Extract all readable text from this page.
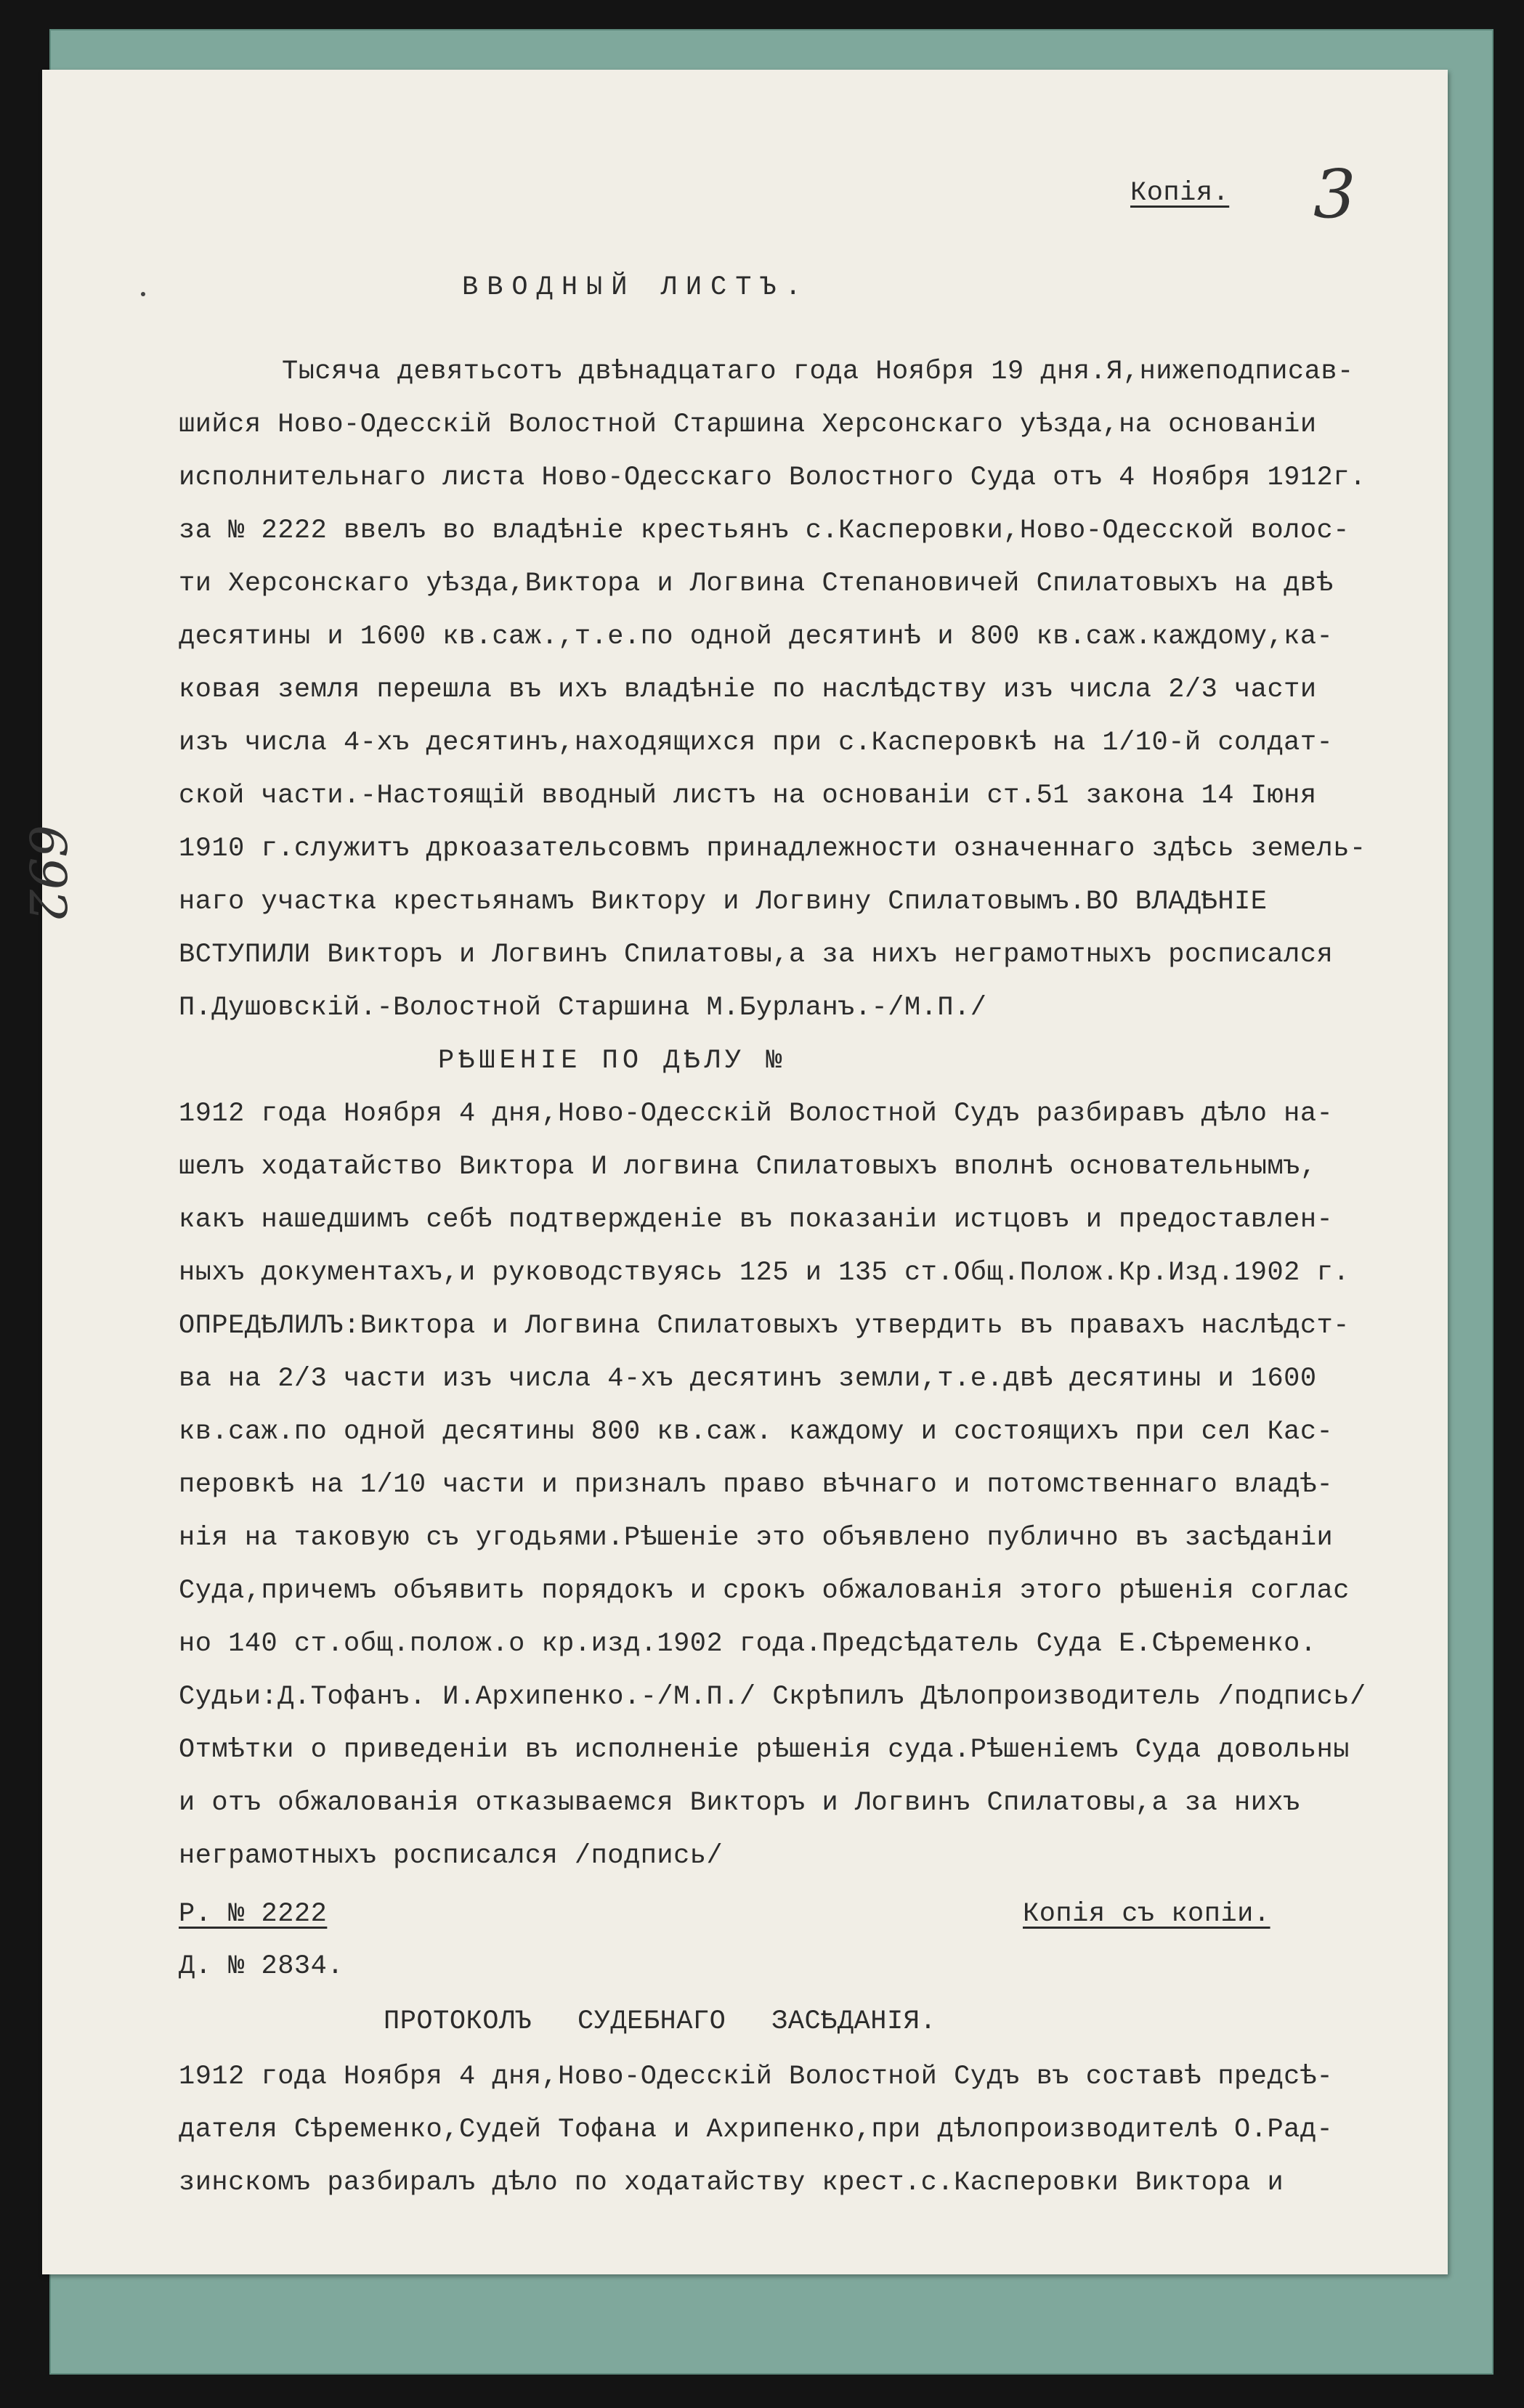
Копія. 3
ВВОДНЫЙ ЛИСТЪ.
692
Тысяча девятьсотъ двѣнадцатаго года Ноября 19 дня.Я,нижеподписав-
шийся Ново-Одесскій Волостной Старшина Херсонскаго уѣзда,на основаніи
исполнительнаго листа Ново-Одесскаго Волостного Суда отъ 4 Ноября 1912г.
за № 2222 ввелъ во владѣніе крестьянъ с.Касперовки,Ново-Одесской волос-
ти Херсонскаго уѣзда,Виктора и Логвина Степановичей Спилатовыхъ на двѣ
десятины и 1600 кв.саж.,т.е.по одной десятинѣ и 800 кв.саж.каждому,ка-
ковая земля перешла въ ихъ владѣніе по наслѣдству изъ числа 2/3 части
изъ числа 4-хъ десятинъ,находящихся при с.Касперовкѣ на 1/10-й солдат-
ской части.-Настоящій вводный листъ на основаніи ст.51 закона 14 Іюня
1910 г.служитъ дркоазательсовмъ принадлежности означеннаго здѣсь земель-
наго участка крестьянамъ Виктору и Логвину Спилатовымъ.ВО ВЛАДѢНІЕ
ВСТУПИЛИ Викторъ и Логвинъ Спилатовы,а за нихъ неграмотныхъ росписался
П.Душовскій.-Волостной Старшина М.Бурланъ.-/М.П./
РѢШЕНІЕ ПО ДѢЛУ №
1912 года Ноября 4 дня,Ново-Одесскій Волостной Судъ разбиравъ дѣло на-
шелъ ходатайство Виктора И логвина Спилатовыхъ вполнѣ основательнымъ,
какъ нашедшимъ себѣ подтвержденіе въ показаніи истцовъ и предоставлен-
ныхъ документахъ,и руководствуясь 125 и 135 ст.Общ.Полож.Кр.Изд.1902 г.
ОПРЕДѢЛИЛЪ:Виктора и Логвина Спилатовыхъ утвердить въ правахъ наслѣдст-
ва на 2/3 части изъ числа 4-хъ десятинъ земли,т.е.двѣ десятины и 1600
кв.саж.по одной десятины 800 кв.саж. каждому и состоящихъ при сел Кас-
перовкѣ на 1/10 части и призналъ право вѣчнаго и потомственнаго владѣ-
нія на таковую съ угодьями.Рѣшеніе это объявлено публично въ засѣданіи
Суда,причемъ объявить порядокъ и срокъ обжалованія этого рѣшенія соглас
но 140 ст.общ.полож.о кр.изд.1902 года.Предсѣдатель Суда Е.Сѣременко.
Судьи:Д.Тофанъ. И.Архипенко.-/М.П./ Скрѣпилъ Дѣлопроизводитель /подпись/
Отмѣтки о приведеніи въ исполненіе рѣшенія суда.Рѣшеніемъ Суда довольны
и отъ обжалованія отказываемся Викторъ и Логвинъ Спилатовы,а за нихъ
неграмотныхъ росписался /подпись/
Р. № 2222	Копія съ копіи.
Д. № 2834.
ПРОТОКОЛЪ СУДЕБНАГО ЗАСѢДАНІЯ.
1912 года Ноября 4 дня,Ново-Одесскій Волостной Судъ въ составѣ предсѣ-
дателя Сѣременко,Судей Тофана и Ахрипенко,при дѣлопроизводителѣ О.Рад-
зинскомъ разбиралъ дѣло по ходатайству крест.с.Касперовки Виктора и
